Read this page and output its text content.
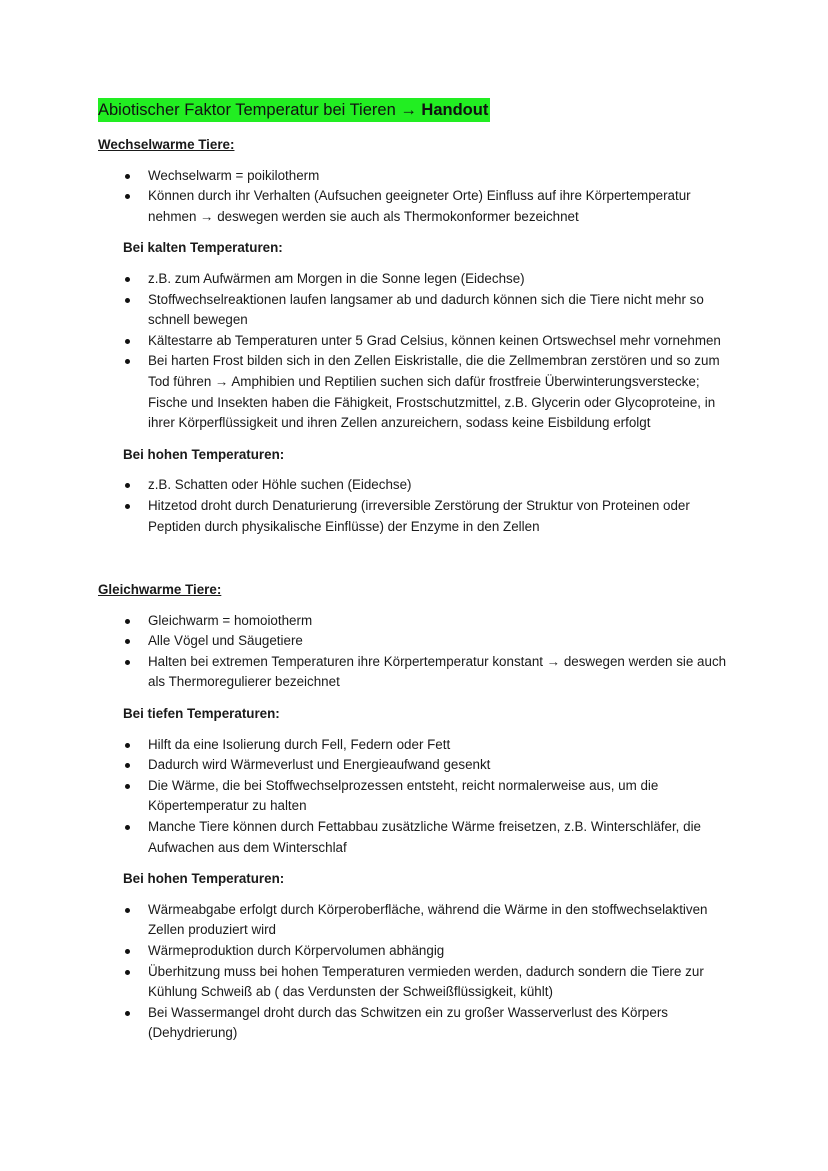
Abiotischer Faktor Temperatur bei Tieren → Handout
Wechselwarme Tiere:
Wechselwarm = poikilotherm
Können durch ihr Verhalten (Aufsuchen geeigneter Orte) Einfluss auf ihre Körpertemperatur nehmen → deswegen werden sie auch als Thermokonformer bezeichnet
Bei kalten Temperaturen:
z.B. zum Aufwärmen am Morgen in die Sonne legen (Eidechse)
Stoffwechselreaktionen laufen langsamer ab und dadurch können sich die Tiere nicht mehr so schnell bewegen
Kältestarre ab Temperaturen unter 5 Grad Celsius, können keinen Ortswechsel mehr vornehmen
Bei harten Frost bilden sich in den Zellen Eiskristalle, die die Zellmembran zerstören und so zum Tod führen → Amphibien und Reptilien suchen sich dafür frostfreie Überwinterungsverstecke; Fische und Insekten haben die Fähigkeit, Frostschutzmittel, z.B. Glycerin oder Glycoproteine, in ihrer Körperflüssigkeit und ihren Zellen anzureichern, sodass keine Eisbildung erfolgt
Bei hohen Temperaturen:
z.B. Schatten oder Höhle suchen (Eidechse)
Hitzetod droht durch Denaturierung (irreversible Zerstörung der Struktur von Proteinen oder Peptiden durch physikalische Einflüsse) der Enzyme in den Zellen
Gleichwarme Tiere:
Gleichwarm = homoiotherm
Alle Vögel und Säugetiere
Halten bei extremen Temperaturen ihre Körpertemperatur konstant → deswegen werden sie auch als Thermoregulierer bezeichnet
Bei tiefen Temperaturen:
Hilft da eine Isolierung durch Fell, Federn oder Fett
Dadurch wird Wärmeverlust und Energieaufwand gesenkt
Die Wärme, die bei Stoffwechselprozessen entsteht, reicht normalerweise aus, um die Köpertemperatur zu halten
Manche Tiere können durch Fettabbau zusätzliche Wärme freisetzen, z.B. Winterschläfer, die Aufwachen aus dem Winterschlaf
Bei hohen Temperaturen:
Wärmeabgabe erfolgt durch Körperoberfläche, während die Wärme in den stoffwechselaktiven Zellen produziert wird
Wärmeproduktion durch Körpervolumen abhängig
Überhitzung muss bei hohen Temperaturen vermieden werden, dadurch sondern die Tiere zur Kühlung Schweiß ab ( das Verdunsten der Schweißflüssigkeit, kühlt)
Bei Wassermangel droht durch das Schwitzen ein zu großer Wasserverlust des Körpers (Dehydrierung)
